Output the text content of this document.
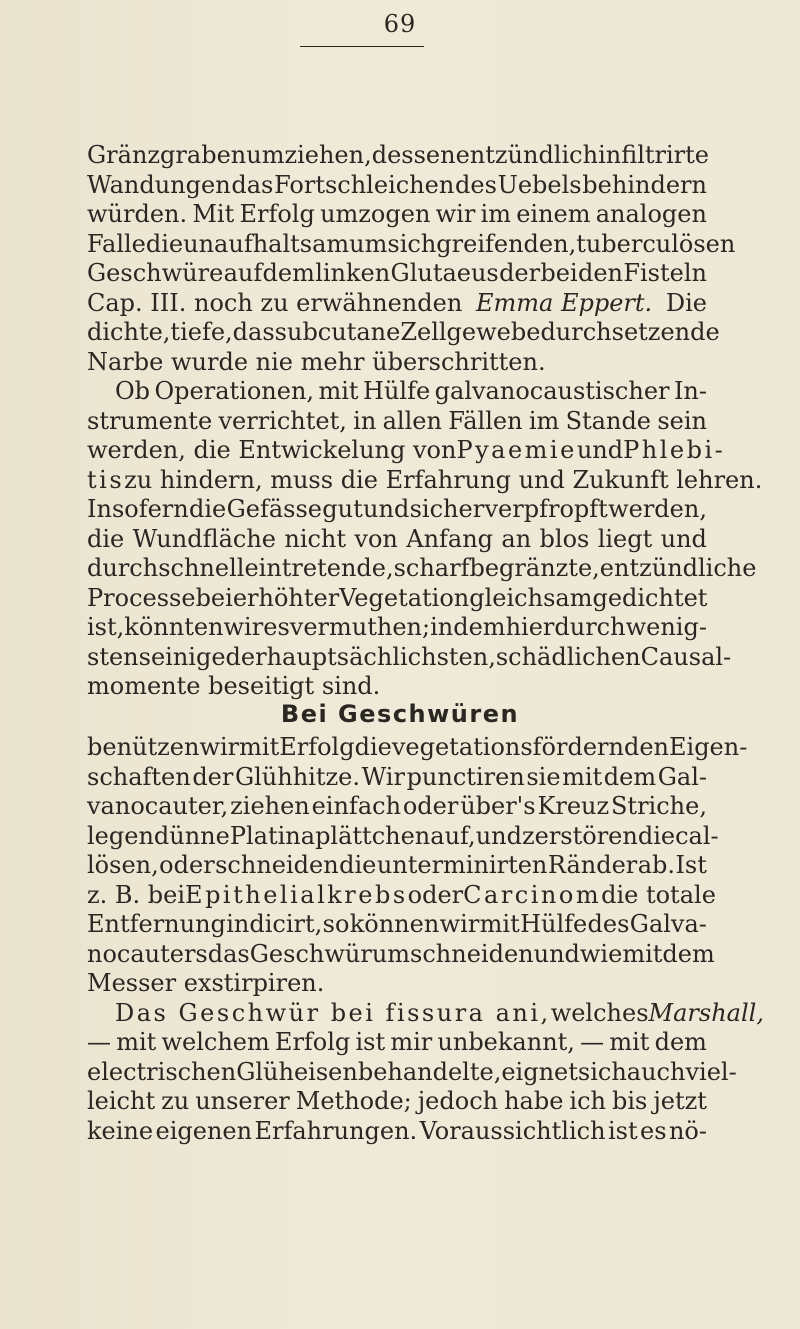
69
Gränzgraben umziehen, dessen entzündlich infiltrirte
Wandungen das Fortschleichen des Uebels behindern
würden. Mit Erfolg umzogen wir im einem analogen
Falle die unaufhaltsam um sich greifenden, tuberculösen
Geschwüre auf dem linken Glutaeus der bei den Fisteln
Cap. III. noch zu erwähnenden Emma Eppert. Die
dichte, tiefe, das subcutane Zellgewebe durchsetzende
Narbe wurde nie mehr überschritten.
Ob Operationen, mit Hülfe galvanocaustischer In-
strumente verrichtet, in allen Fällen im Stande sein
werden, die Entwickelung von Pyaemie und Phlebi-
tis zu hindern, muss die Erfahrung und Zukunft lehren.
Insofern die Gefässe gut und sicher verpfropft werden,
die Wundfläche nicht von Anfang an blos liegt und
durch schnell eintretende, scharf begränzte, entzündliche
Processe bei erhöhter Vegetation gleichsam gedichtet
ist, könnten wir es vermuthen; indem hierdurch wenig-
stens einige der hauptsächlichsten, schädlichen Causal-
momente beseitigt sind.
Bei Geschwüren
benützen wir mit Erfolg die vegetationsfördernden Eigen-
schaften der Glühhitze. Wir punctiren sie mit dem Gal-
vanocauter, ziehen einfach oder über's Kreuz Striche,
legen dünne Platinaplättchen auf, und zerstören die cal-
lösen, oder schneiden die unterminirten Ränder ab. Ist
z. B. bei Epithelialkrebs oder Carcinom die totale
Entfernung indicirt, so können wir mit Hülfe des Galva-
nocauters das Geschwür umschneiden und wie mit dem
Messer exstirpiren.
Das Geschwür bei fissura ani, welches Marshall,
— mit welchem Erfolg ist mir unbekannt, — mit dem
electrischen Glüheisen behandelte, eignet sich auch viel-
leicht zu unserer Methode; jedoch habe ich bis jetzt
keine eigenen Erfahrungen. Voraussichtlich ist es nö-
